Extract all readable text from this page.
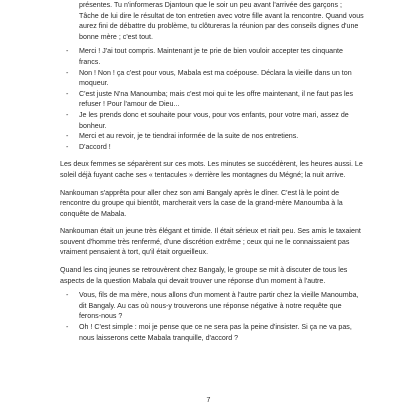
présentes. Tu n'informeras Djantoun que le soir un peu avant l'arrivée des garçons ;

Tâche de lui dire le résultat de ton entretien avec votre fille avant la rencontre. Quand vous aurez fini de débattre du problème, tu clôtureras la réunion par des conseils dignes d'une bonne mère ; c'est tout.

- Merci ! J'ai tout compris. Maintenant je te prie de bien vouloir accepter tes cinquante francs.

- Non ! Non ! ça c'est pour vous, Mabala est ma coépouse. Déclara la vieille dans un ton moqueur.

- C'est juste N'na Manoumba; mais c'est moi qui te les offre maintenant, il ne faut pas les refuser ! Pour l'amour de Dieu...

- Je les prends donc et souhaite pour vous, pour vos enfants, pour votre mari, assez de bonheur.

- Merci et au revoir, je te tiendrai informée de la suite de nos entretiens.

- D'accord !

Les deux femmes se séparèrent sur ces mots. Les minutes se succédèrent, les heures aussi. Le soleil déjà fuyant cache ses « tentacules » derrière les montagnes du Mégné; la nuit arrive.

Nankouman s'apprêta pour aller chez son ami Bangaly après le dîner. C'est là le point de rencontre du groupe qui bientôt, marcherait vers la case de la grand-mère Manoumba à la conquête de Mabala.

Nankouman était un jeune très élégant et timide. Il était sérieux et riait peu. Ses amis le taxaient souvent d'homme très renfermé, d'une discrétion extrême ; ceux qui ne le connaissaient pas vraiment pensaient à tort, qu'il était orgueilleux.

Quand les cinq jeunes se retrouvèrent chez Bangaly, le groupe se mit à discuter de tous les aspects de la question Mabala qui devait trouver une réponse d'un moment à l'autre.

- Vous, fils de ma mère, nous allons d'un moment à l'autre partir chez la vieille Manoumba, dit Bangaly. Au cas où nous-y trouverons une réponse négative à notre requête que ferons-nous ?

- Oh ! C'est simple : moi je pense que ce ne sera pas la peine d'insister. Si ça ne va pas, nous laisserons cette Mabala tranquille, d'accord ?

7
